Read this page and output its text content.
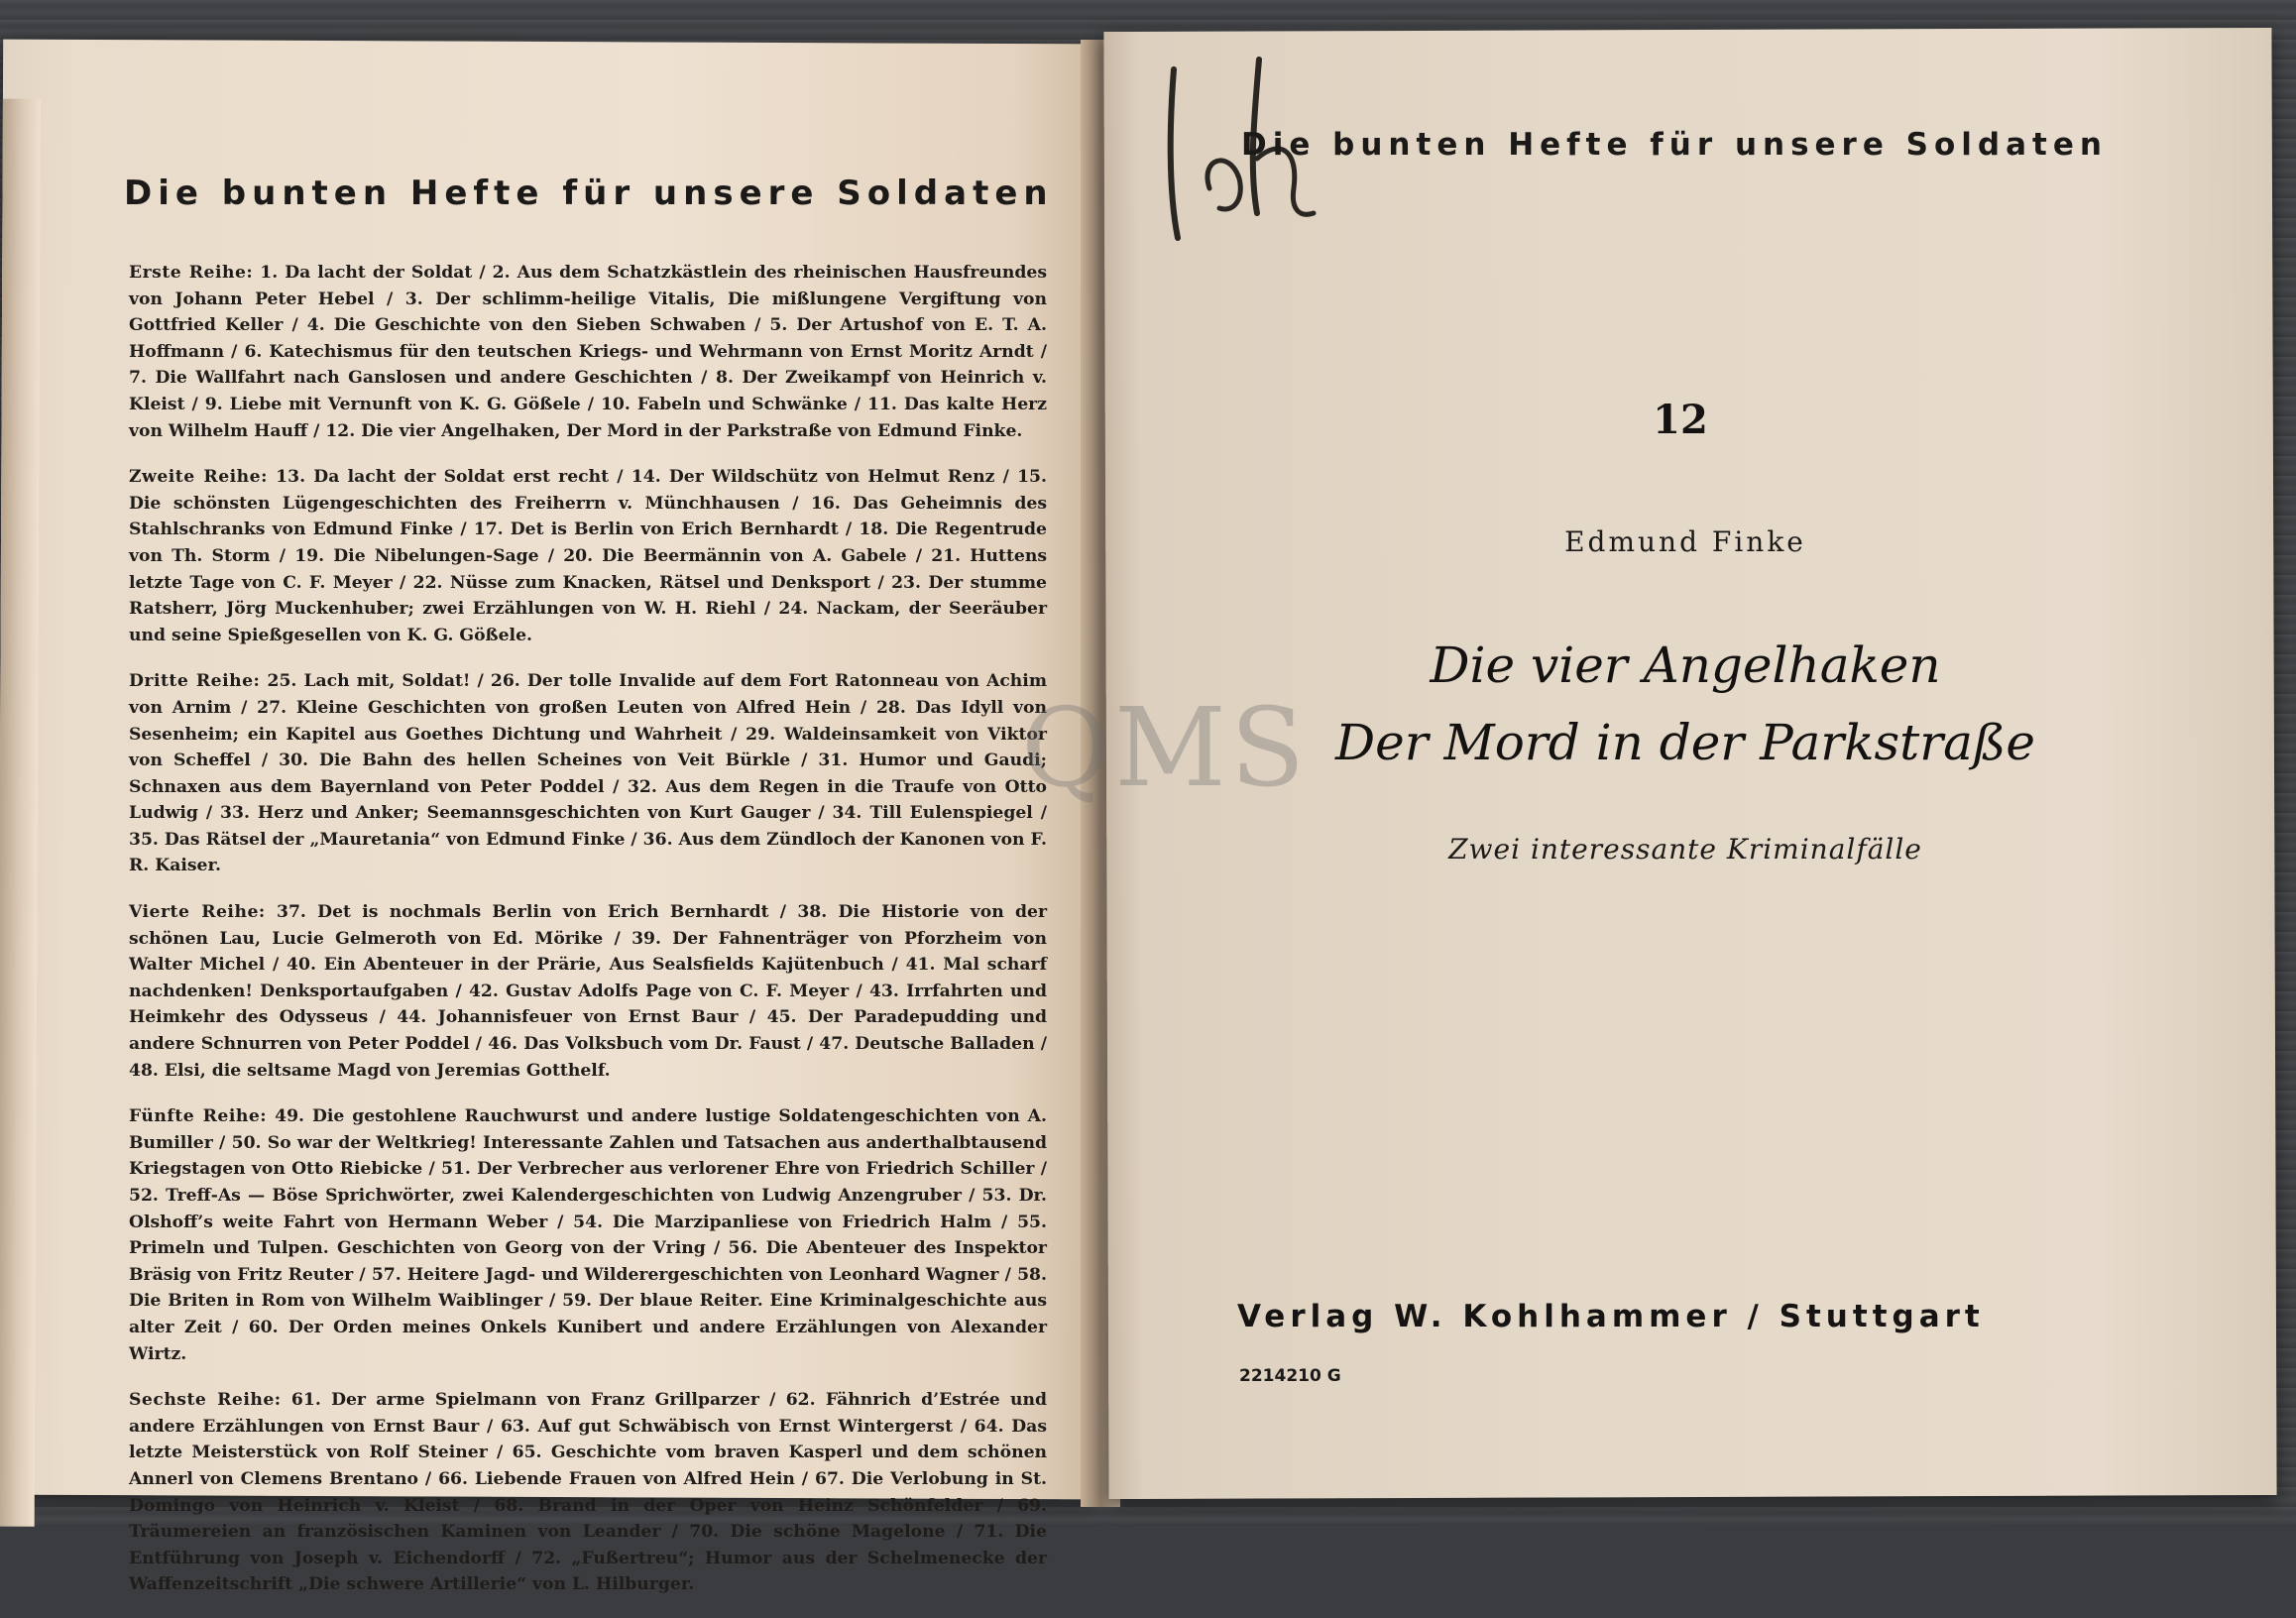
Die bunten Hefte für unsere Soldaten

Erste Reihe: 1. Da lacht der Soldat / 2. Aus dem Schatzkästlein des rheinischen Hausfreundes von Johann Peter Hebel / 3. Der schlimm-heilige Vitalis, Die mißlungene Vergiftung von Gottfried Keller / 4. Die Geschichte von den Sieben Schwaben / 5. Der Artushof von E. T. A. Hoffmann / 6. Katechismus für den teutschen Kriegs- und Wehrmann von Ernst Moritz Arndt / 7. Die Wallfahrt nach Ganslosen und andere Geschichten / 8. Der Zweikampf von Heinrich v. Kleist / 9. Liebe mit Vernunft von K. G. Gößele / 10. Fabeln und Schwänke / 11. Das kalte Herz von Wilhelm Hauff / 12. Die vier Angelhaken, Der Mord in der Parkstraße von Edmund Finke.

Zweite Reihe: 13. Da lacht der Soldat erst recht / 14. Der Wildschütz von Helmut Renz / 15. Die schönsten Lügengeschichten des Freiherrn v. Münchhausen / 16. Das Geheimnis des Stahlschranks von Edmund Finke / 17. Det is Berlin von Erich Bernhardt / 18. Die Regentrude von Th. Storm / 19. Die Nibelungen-Sage / 20. Die Beermännin von A. Gabele / 21. Huttens letzte Tage von C. F. Meyer / 22. Nüsse zum Knacken, Rätsel und Denksport / 23. Der stumme Ratsherr, Jörg Muckenhuber; zwei Erzählungen von W. H. Riehl / 24. Nackam, der Seeräuber und seine Spießgesellen von K. G. Gößele.

Dritte Reihe: 25. Lach mit, Soldat! / 26. Der tolle Invalide auf dem Fort Ratonneau von Achim von Arnim / 27. Kleine Geschichten von großen Leuten von Alfred Hein / 28. Das Idyll von Sesenheim; ein Kapitel aus Goethes Dichtung und Wahrheit / 29. Waldeinsamkeit von Viktor von Scheffel / 30. Die Bahn des hellen Scheines von Veit Bürkle / 31. Humor und Gaudi; Schnaxen aus dem Bayernland von Peter Poddel / 32. Aus dem Regen in die Traufe von Otto Ludwig / 33. Herz und Anker; Seemannsgeschichten von Kurt Gauger / 34. Till Eulenspiegel / 35. Das Rätsel der „Mauretania“ von Edmund Finke / 36. Aus dem Zündloch der Kanonen von F. R. Kaiser.

Vierte Reihe: 37. Det is nochmals Berlin von Erich Bernhardt / 38. Die Historie von der schönen Lau, Lucie Gelmeroth von Ed. Mörike / 39. Der Fahnenträger von Pforzheim von Walter Michel / 40. Ein Abenteuer in der Prärie, Aus Sealsfields Kajütenbuch / 41. Mal scharf nachdenken! Denksportaufgaben / 42. Gustav Adolfs Page von C. F. Meyer / 43. Irrfahrten und Heimkehr des Odysseus / 44. Johannisfeuer von Ernst Baur / 45. Der Paradepudding und andere Schnurren von Peter Poddel / 46. Das Volksbuch vom Dr. Faust / 47. Deutsche Balladen / 48. Elsi, die seltsame Magd von Jeremias Gotthelf.

Fünfte Reihe: 49. Die gestohlene Rauchwurst und andere lustige Soldatengeschichten von A. Bumiller / 50. So war der Weltkrieg! Interessante Zahlen und Tatsachen aus anderthalbtausend Kriegstagen von Otto Riebicke / 51. Der Verbrecher aus verlorener Ehre von Friedrich Schiller / 52. Treff-As — Böse Sprichwörter, zwei Kalendergeschichten von Ludwig Anzengruber / 53. Dr. Olshoff’s weite Fahrt von Hermann Weber / 54. Die Marzipanliese von Friedrich Halm / 55. Primeln und Tulpen. Geschichten von Georg von der Vring / 56. Die Abenteuer des Inspektor Bräsig von Fritz Reuter / 57. Heitere Jagd- und Wilderergeschichten von Leonhard Wagner / 58. Die Briten in Rom von Wilhelm Waiblinger / 59. Der blaue Reiter. Eine Kriminalgeschichte aus alter Zeit / 60. Der Orden meines Onkels Kunibert und andere Erzählungen von Alexander Wirtz.

Sechste Reihe: 61. Der arme Spielmann von Franz Grillparzer / 62. Fähnrich d’Estrée und andere Erzählungen von Ernst Baur / 63. Auf gut Schwäbisch von Ernst Wintergerst / 64. Das letzte Meisterstück von Rolf Steiner / 65. Geschichte vom braven Kasperl und dem schönen Annerl von Clemens Brentano / 66. Liebende Frauen von Alfred Hein / 67. Die Verlobung in St. Domingo von Heinrich v. Kleist / 68. Brand in der Oper von Heinz Schönfelder / 69. Träumereien an französischen Kaminen von Leander / 70. Die schöne Magelone / 71. Die Entführung von Joseph v. Eichendorff / 72. „Fußertreu“; Humor aus der Schelmenecke der Waffenzeitschrift „Die schwere Artillerie“ von L. Hilburger.

Die bunten Hefte für unsere Soldaten
12
Edmund Finke
Die vier Angelhaken
Der Mord in der Parkstraße
Zwei interessante Kriminalfälle
Verlag W. Kohlhammer / Stuttgart
2214210 G
QMS
